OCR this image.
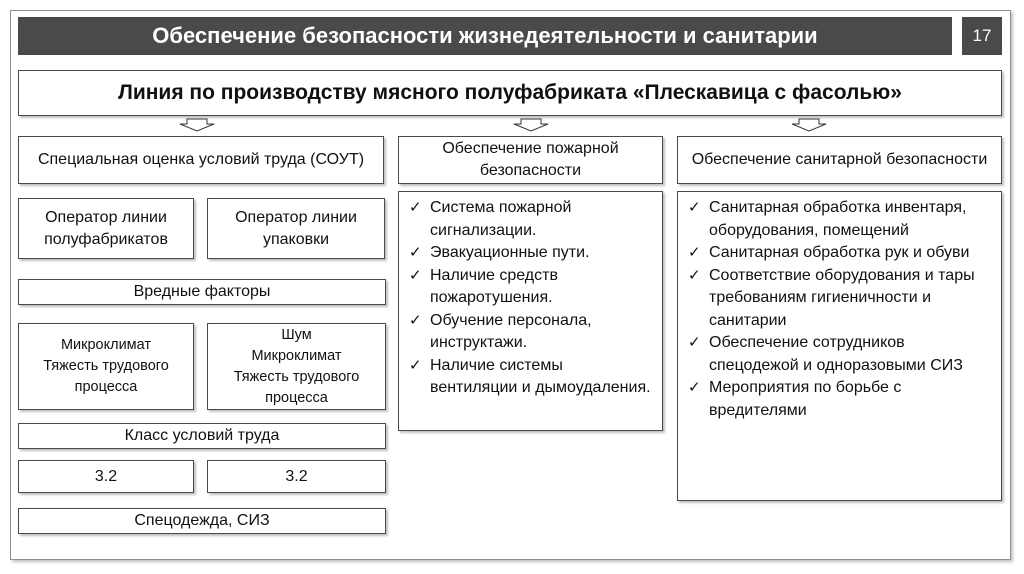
Обеспечение безопасности жизнедеятельности и санитарии	17
Линия по производству мясного полуфабриката «Плескавица с фасолью»
Специальная оценка условий труда (СОУТ)
Оператор линии полуфабрикатов
Оператор линии упаковки
Вредные факторы
Микроклимат
Тяжесть трудового процесса
Шум
Микроклимат
Тяжесть трудового процесса
Класс условий труда
3.2	3.2
Спецодежда, СИЗ
Обеспечение пожарной безопасности
✓ Система пожарной сигнализации.
✓ Эвакуационные пути.
✓ Наличие средств пожаротушения.
✓ Обучение персонала, инструктажи.
✓ Наличие системы вентиляции и дымоудаления.
Обеспечение санитарной безопасности
✓ Санитарная обработка инвентаря, оборудования, помещений
✓ Санитарная обработка рук и обуви
✓ Соответствие оборудования и тары требованиям гигиеничности и санитарии
✓ Обеспечение сотрудников спецодежой и одноразовыми СИЗ
✓ Мероприятия по борьбе с вредителями
